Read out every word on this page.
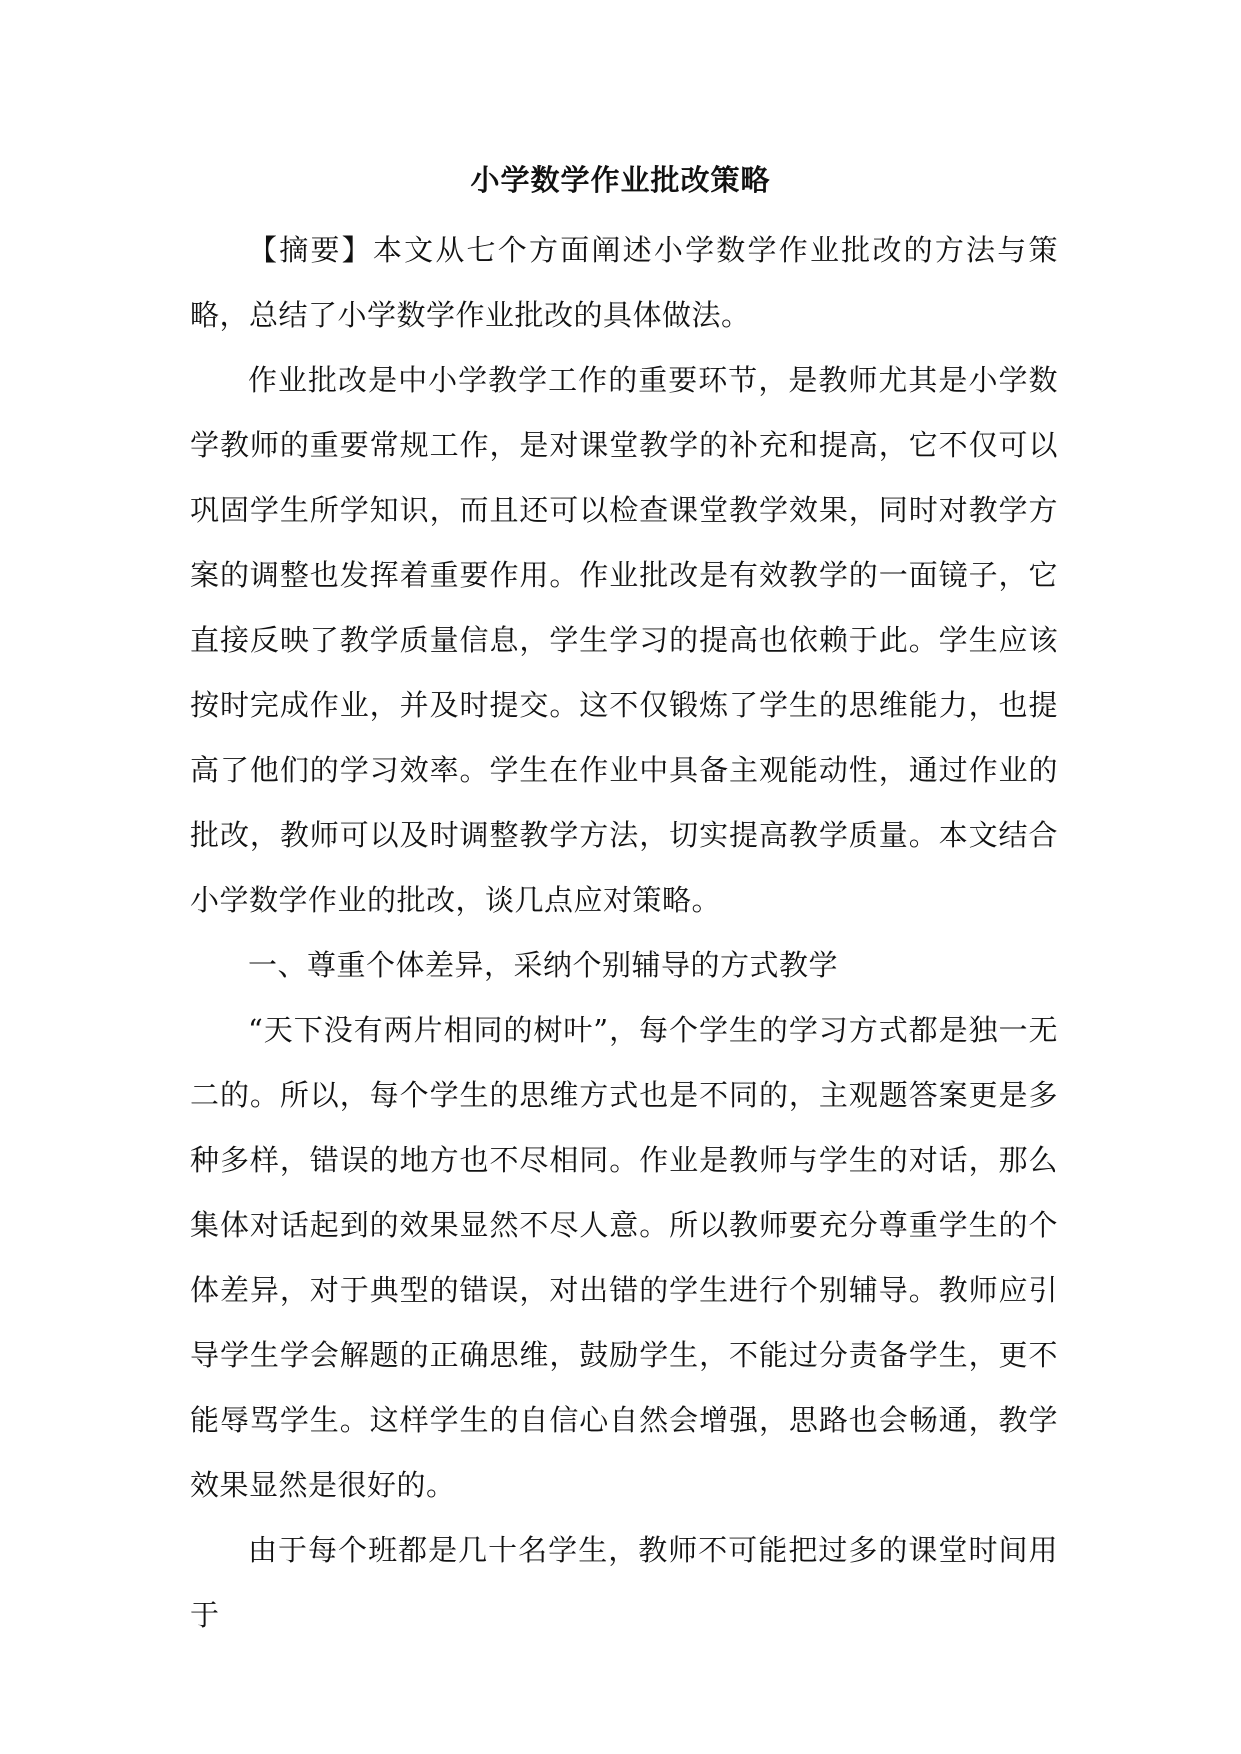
小学数学作业批改策略

【摘要】本文从七个方面阐述小学数学作业批改的方法与策略，总结了小学数学作业批改的具体做法。

作业批改是中小学教学工作的重要环节，是教师尤其是小学数学教师的重要常规工作，是对课堂教学的补充和提高，它不仅可以巩固学生所学知识，而且还可以检查课堂教学效果，同时对教学方案的调整也发挥着重要作用。作业批改是有效教学的一面镜子，它直接反映了教学质量信息，学生学习的提高也依赖于此。学生应该按时完成作业，并及时提交。这不仅锻炼了学生的思维能力，也提高了他们的学习效率。学生在作业中具备主观能动性，通过作业的批改，教师可以及时调整教学方法，切实提高教学质量。本文结合小学数学作业的批改，谈几点应对策略。

一、尊重个体差异，采纳个别辅导的方式教学

“天下没有两片相同的树叶”，每个学生的学习方式都是独一无二的。所以，每个学生的思维方式也是不同的，主观题答案更是多种多样，错误的地方也不尽相同。作业是教师与学生的对话，那么集体对话起到的效果显然不尽人意。所以教师要充分尊重学生的个体差异，对于典型的错误，对出错的学生进行个别辅导。教师应引导学生学会解题的正确思维，鼓励学生，不能过分责备学生，更不能辱骂学生。这样学生的自信心自然会增强，思路也会畅通，教学效果显然是很好的。

由于每个班都是几十名学生，教师不可能把过多的课堂时间用于
